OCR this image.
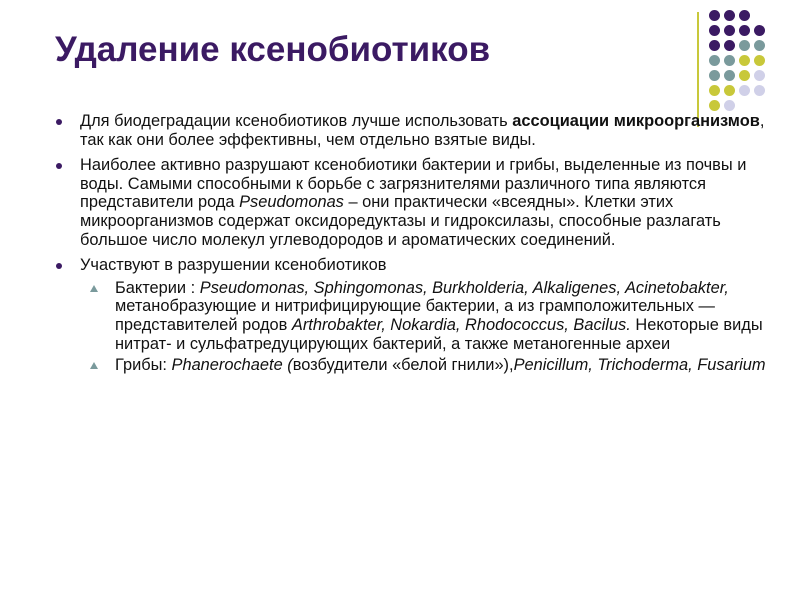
Удаление ксенобиотиков
Для биодеградации ксенобиотиков лучше использовать ассоциации микроорганизмов, так как они более эффективны, чем отдельно взятые виды.
Наиболее активно разрушают ксенобиотики бактерии и грибы, выделенные из почвы и воды. Самыми способными к борьбе с загрязнителями различного типа являются представители рода Pseudomonas – они практически «всеядны». Клетки этих микроорганизмов содержат оксидоредуктазы и гидроксилазы, способные разлагать большое число молекул углеводородов и ароматических соединений.
Участвуют в разрушении ксенобиотиков
Бактерии : Pseudomonas, Sphingomonas, Burkholderia, Alkaligenes, Acinetobakter, метанобразующие и нитрифицирующие бактерии, а из грамположительных — представителей родов Arthrobakter, Nokardia, Rhodococcus, Bacilus. Некоторые виды нитрат- и сульфатредуцирующих бактерий, а также метаногенные археи
Грибы: Phanerochaete (возбудители «белой гнили»),Penicillum, Trichoderma, Fusarium
